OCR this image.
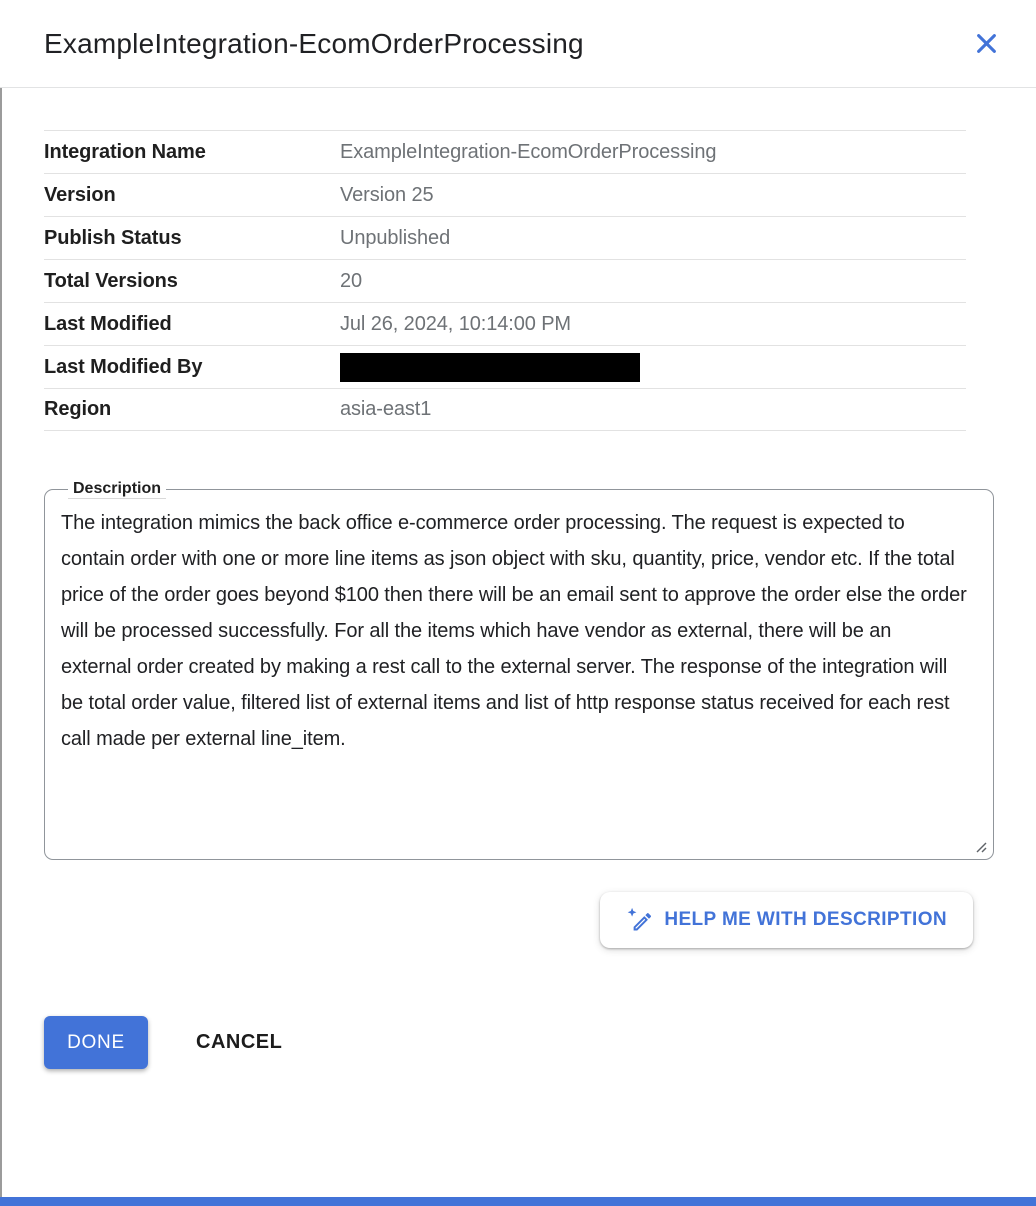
ExampleIntegration-EcomOrderProcessing
Integration Name	ExampleIntegration-EcomOrderProcessing
Version	Version 25
Publish Status	Unpublished
Total Versions	20
Last Modified	Jul 26, 2024, 10:14:00 PM
Last Modified By
Region	asia-east1
Description
The integration mimics the back office e-commerce order processing. The request is expected to contain order with one or more line items as json object with sku, quantity, price, vendor etc. If the total price of the order goes beyond $100 then there will be an email sent to approve the order else the order will be processed successfully. For all the items which have vendor as external, there will be an external order created by making a rest call to the external server. The response of the integration will be total order value, filtered list of external items and list of http response status received for each rest call made per external line_item.
HELP ME WITH DESCRIPTION
DONE	CANCEL
